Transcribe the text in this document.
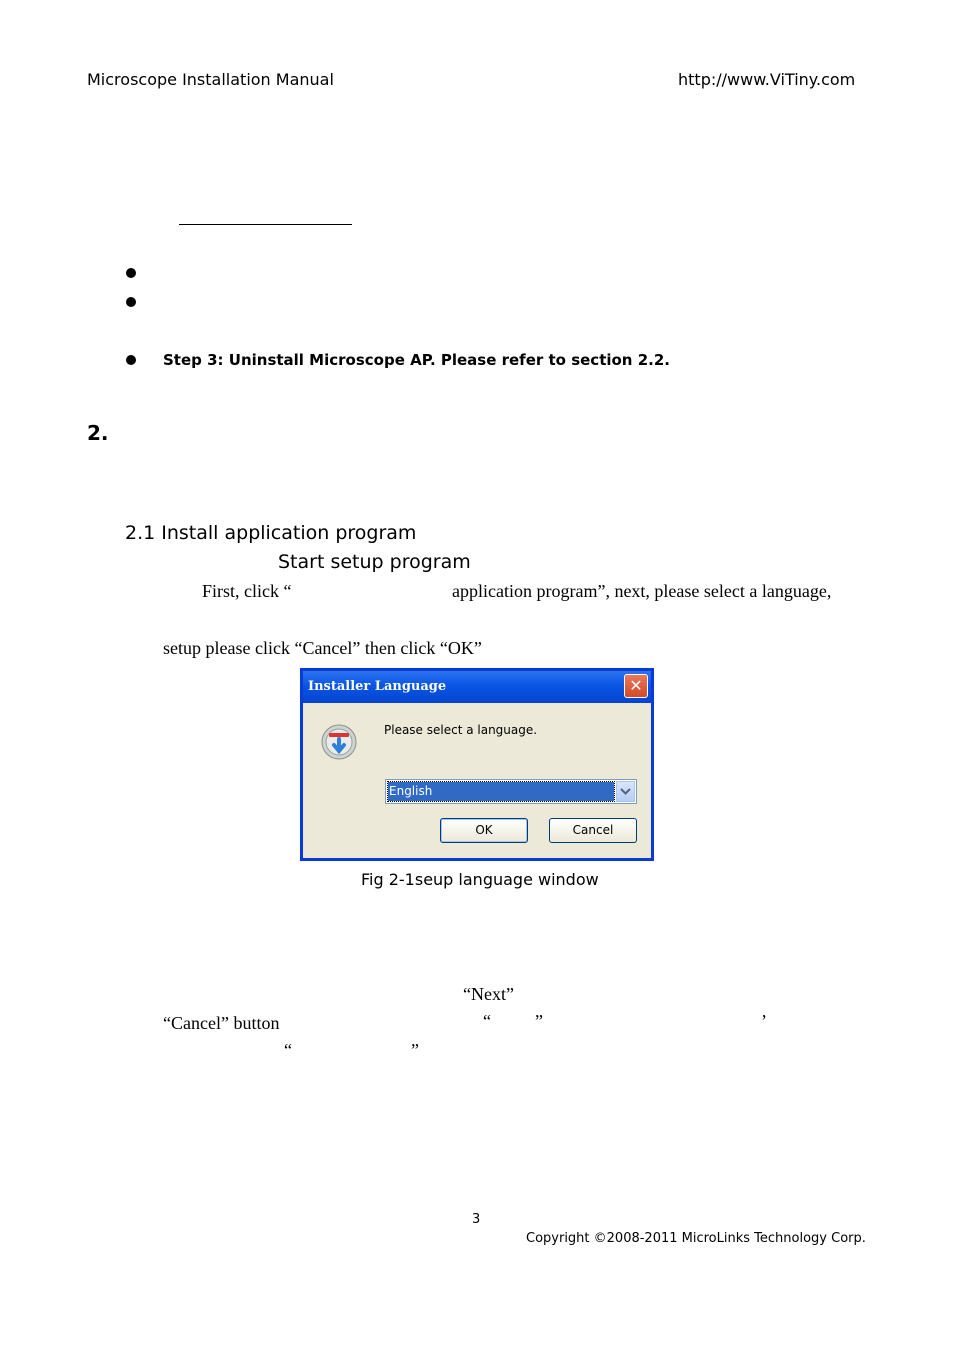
Microscope Installation Manual	http://www.ViTiny.com
Step 3: Uninstall Microscope AP. Please refer to section 2.2.
2.
2.1 Install application program
Start setup program
First, click “	application program”, next, please select a language,
setup please click “Cancel” then click “OK”
Installer Language	✕
Please select a language.
English
OK	Cancel
Fig 2-1seup language window
“Next”
“Cancel” button	“ ”	’
“	”
3
Copyright ©2008-2011 MicroLinks Technology Corp.
